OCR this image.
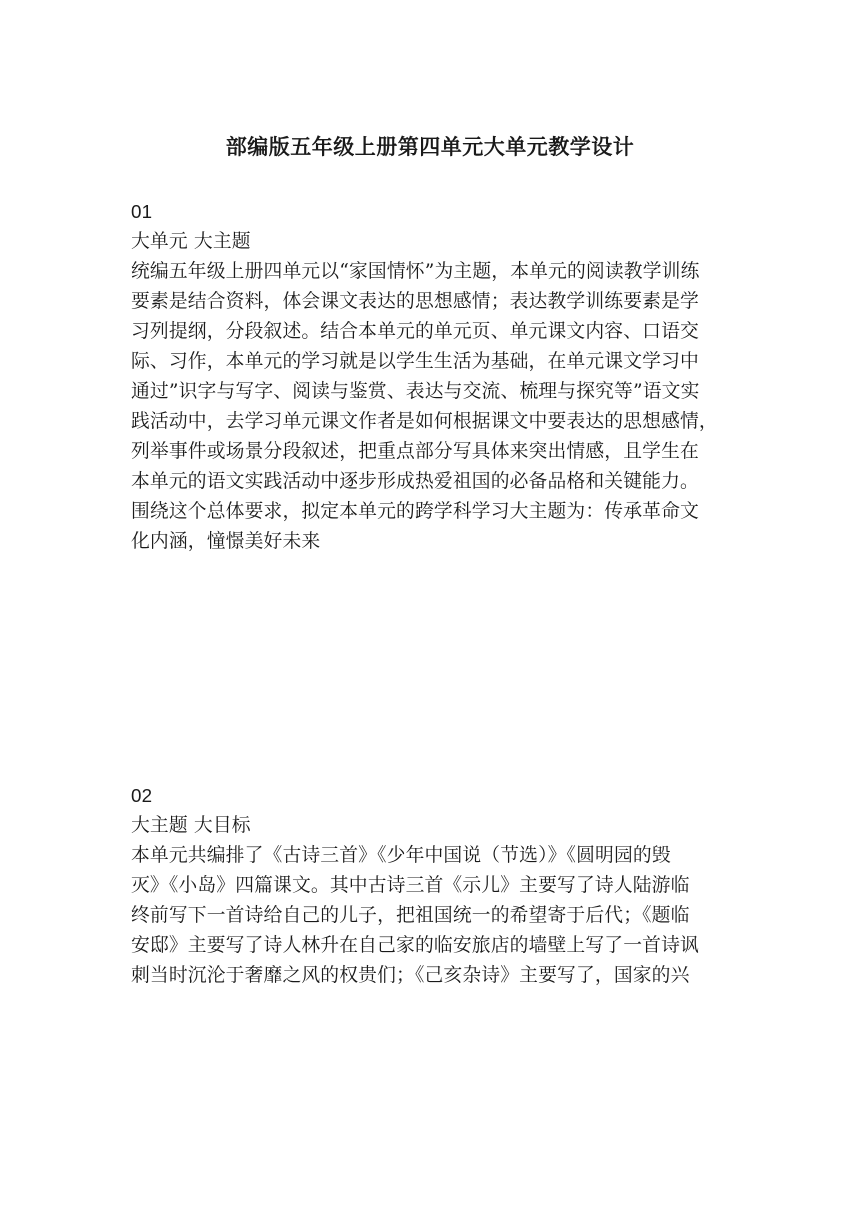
部编版五年级上册第四单元大单元教学设计
01
大单元 大主题
统编五年级上册四单元以“家国情怀”为主题，本单元的阅读教学训练
要素是结合资料，体会课文表达的思想感情；表达教学训练要素是学
习列提纲，分段叙述。结合本单元的单元页、单元课文内容、口语交
际、习作，本单元的学习就是以学生生活为基础，在单元课文学习中
通过”识字与写字、阅读与鉴赏、表达与交流、梳理与探究等”语文实
践活动中，去学习单元课文作者是如何根据课文中要表达的思想感情，
列举事件或场景分段叙述，把重点部分写具体来突出情感，且学生在
本单元的语文实践活动中逐步形成热爱祖国的必备品格和关键能力。
围绕这个总体要求，拟定本单元的跨学科学习大主题为：传承革命文
化内涵，憧憬美好未来
02
大主题 大目标
本单元共编排了《古诗三首》《少年中国说（节选）》《圆明园的毁
灭》《小岛》四篇课文。其中古诗三首《示儿》主要写了诗人陆游临
终前写下一首诗给自己的儿子，把祖国统一的希望寄于后代；《题临
安邸》主要写了诗人林升在自己家的临安旅店的墙壁上写了一首诗讽
刺当时沉沦于奢靡之风的权贵们；《己亥杂诗》主要写了，国家的兴
